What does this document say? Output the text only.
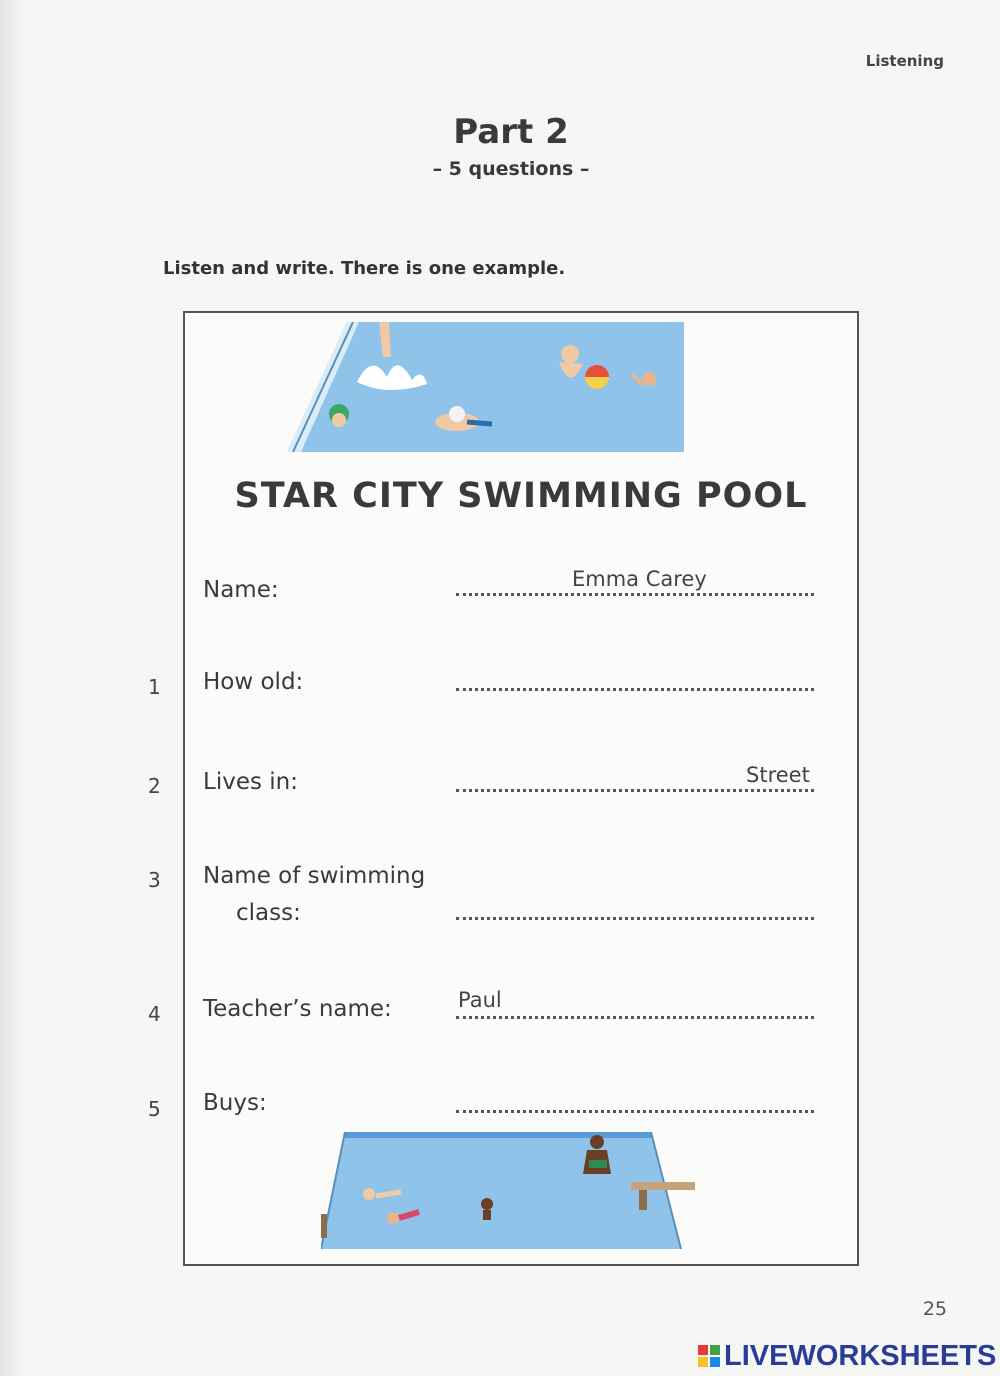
Listening
Part 2
– 5 questions –
Listen and write. There is one example.
STAR CITY SWIMMING POOL
Name:	Emma Carey
1 How old:
2 Lives in:	Street
3 Name of swimming
class:
4 Teacher’s name:	Paul
5 Buys:
25
LIVEWORKSHEETS
